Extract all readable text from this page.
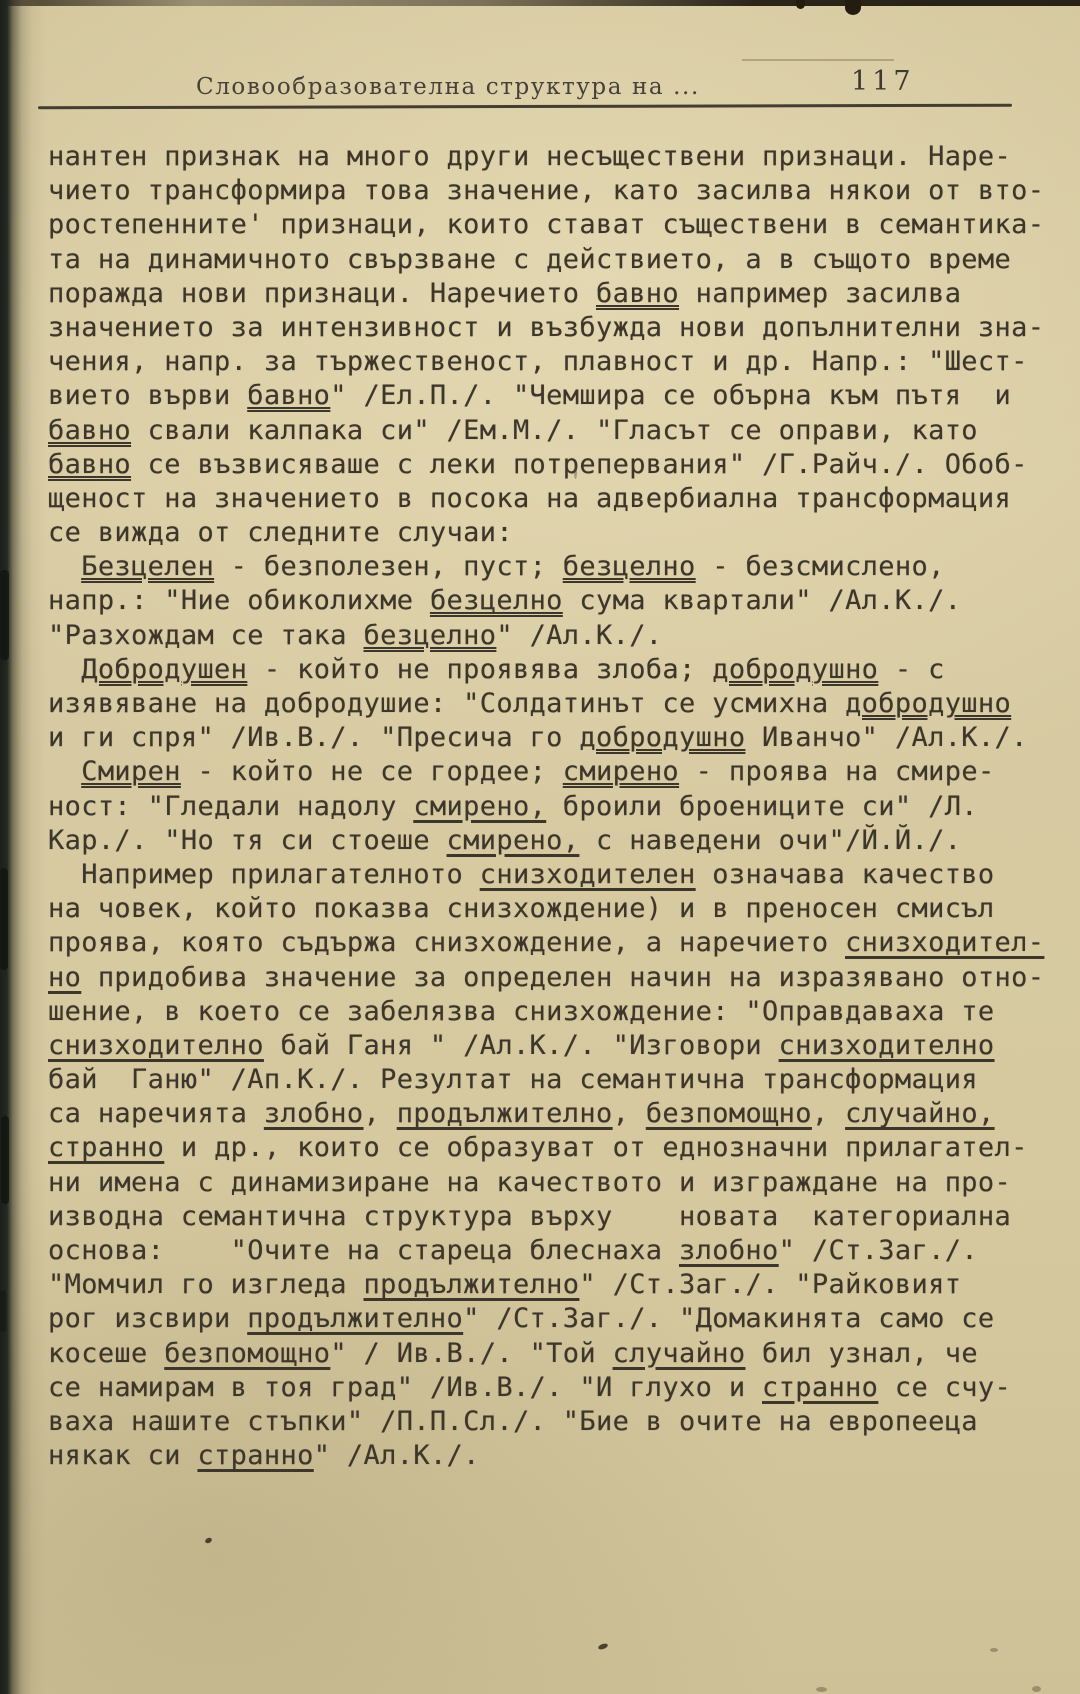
Словообразователна структура на ...	117
нантен признак на много други несъществени признаци. Наре-
чието трансформира това значение, като засилва някои от вто-
ростепенните' признаци, които стават съществени в семантика-
та на динамичното свързване с действието, а в същото време
поражда нови признаци. Наречието бавно например засилва
значението за интензивност и възбужда нови допълнителни зна-
чения, напр. за тържественост, плавност и др. Напр.: "Шест-
вието върви бавно" /Ел.П./. "Чемшира се обърна към пътя  и
бавно свали калпака си" /Ем.М./. "Гласът се оправи, като
бавно се възвисяваше с леки потрепервания" /Г.Райч./. Обоб-
щеност на значението в посока на адвербиална трансформация
се вижда от следните случаи:
Безцелен - безполезен, пуст; безцелно - безсмислено,
напр.: "Ние обиколихме безцелно сума квартали" /Ал.К./.
"Разхождам се така безцелно" /Ал.К./.
Добродушен - който не проявява злоба; добродушно - с
изявяване на добродушие: "Солдатинът се усмихна добродушно
и ги спря" /Ив.В./. "Пресича го добродушно Иванчо" /Ал.К./.
Смирен - който не се гордее; смирено - проява на смире-
ност: "Гледали надолу смирено, броили броениците си" /Л.
Кар./. "Но тя си стоеше смирено, с наведени очи"/Й.Й./.
Например прилагателното снизходителен означава качество
на човек, който показва снизхождение) и в преносен смисъл
проява, която съдържа снизхождение, а наречието снизходител-
но придобива значение за определен начин на изразявано отно-
шение, в което се забелязва снизхождение: "Оправдаваха те
снизходително бай Ганя " /Ал.К./. "Изговори снизходително
бай  Ганю" /Ап.К./. Резултат на семантична трансформация
са наречията злобно, продължително, безпомощно, случайно,
странно и др., които се образуват от еднозначни прилагател-
ни имена с динамизиране на качеството и изграждане на про-
изводна семантична структура върху    новата  категориална
основа:    "Очите на стареца блеснаха злобно" /Ст.Заг./.
"Момчил го изгледа продължително" /Ст.Заг./. "Райковият
рог изсвири продължително" /Ст.Заг./. "Домакинята само се
косеше безпомощно" / Ив.В./. "Той случайно бил узнал, че
се намирам в тоя град" /Ив.В./. "И глухо и странно се счу-
ваха нашите стъпки" /П.П.Сл./. "Бие в очите на европееца
някак си странно" /Ал.К./.
